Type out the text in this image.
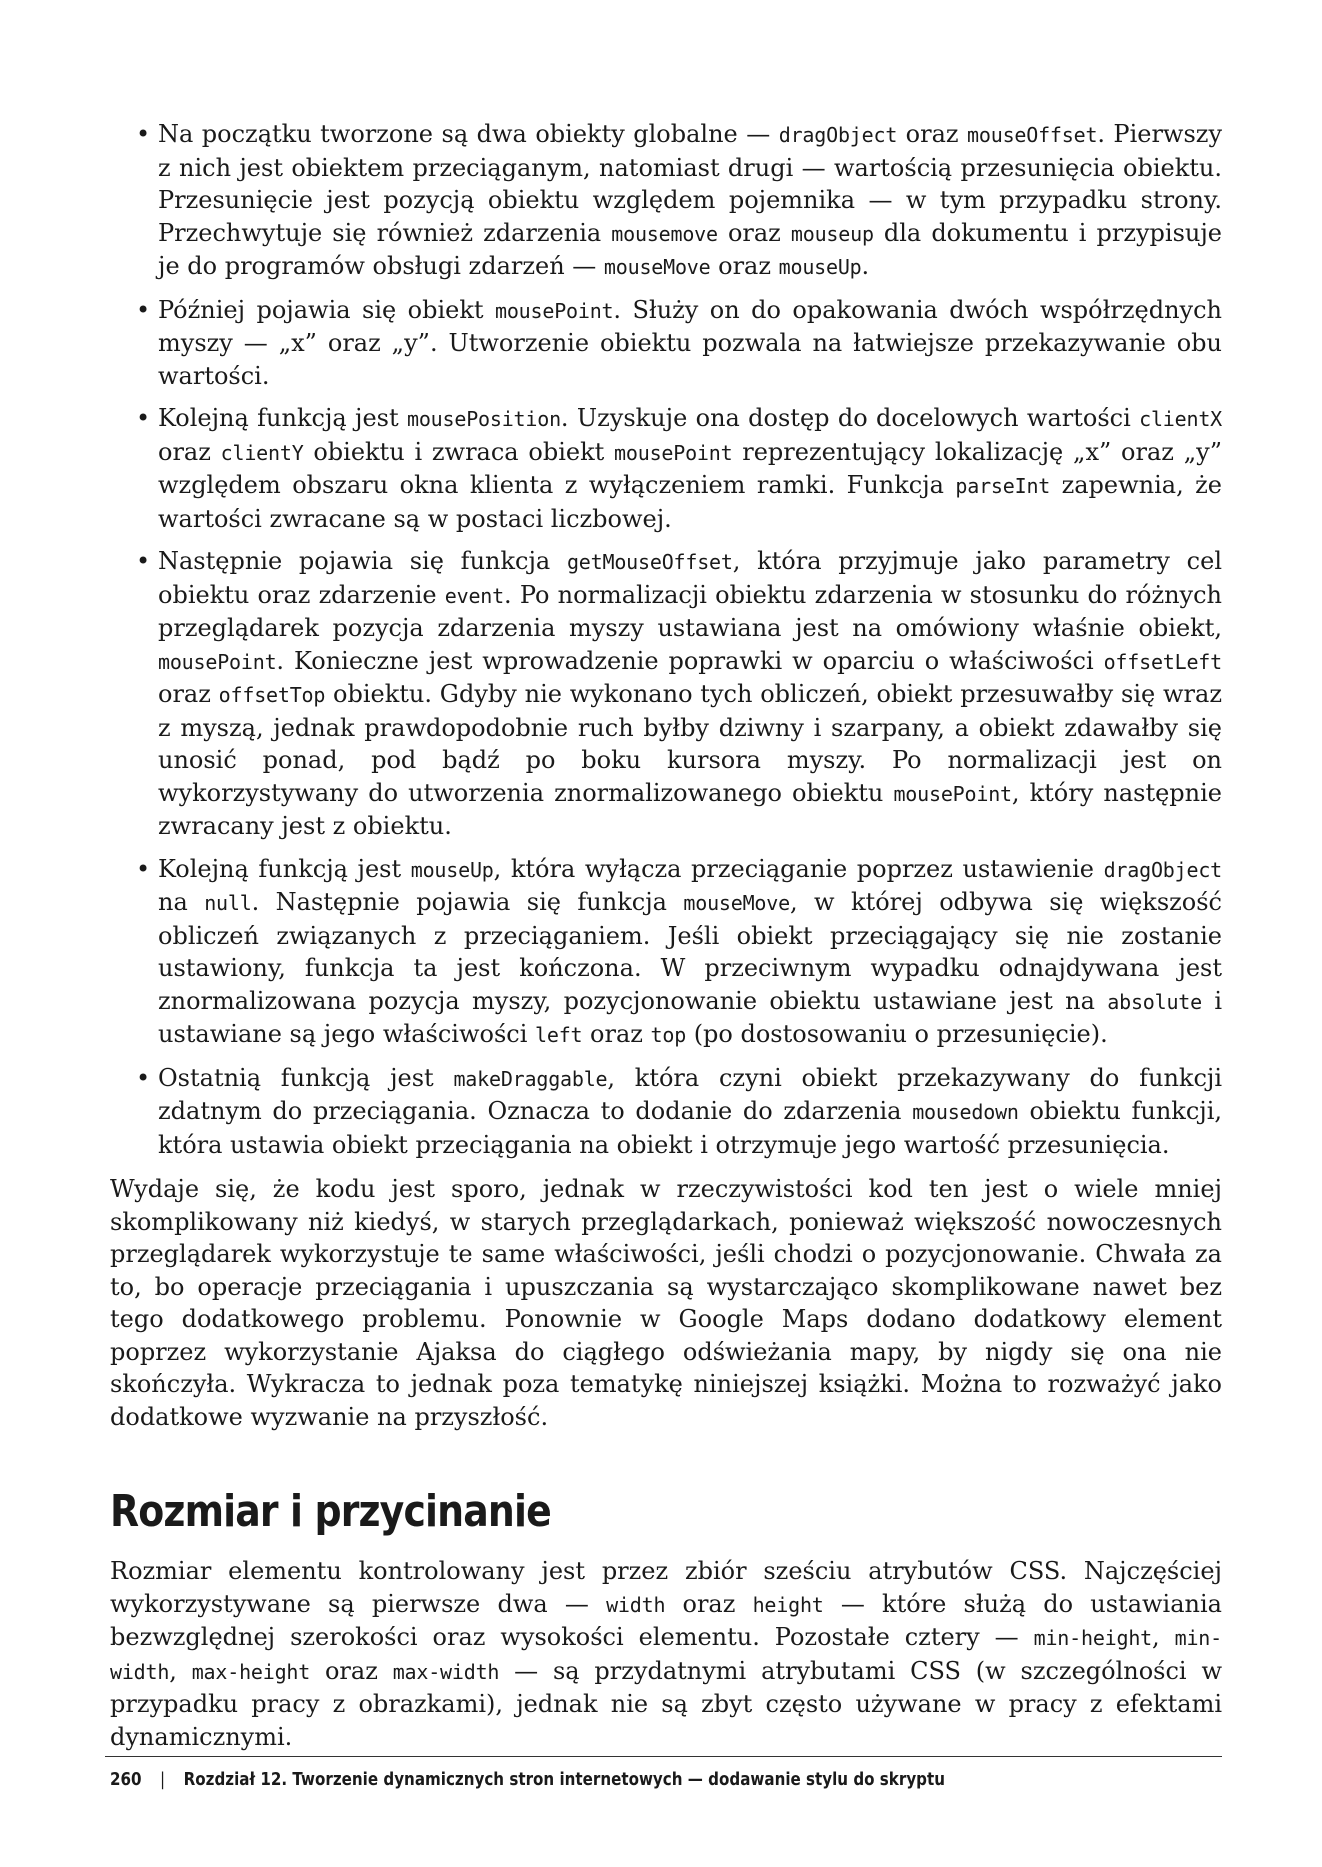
• Na początku tworzone są dwa obiekty globalne — dragObject oraz mouseOffset. Pierwszy z nich jest obiektem przeciąganym, natomiast drugi — wartością przesunięcia obiektu. Przesunięcie jest pozycją obiektu względem pojemnika — w tym przypadku strony. Przechwytuje się również zdarzenia mousemove oraz mouseup dla dokumentu i przypisuje je do programów obsługi zdarzeń — mouseMove oraz mouseUp.
• Później pojawia się obiekt mousePoint. Służy on do opakowania dwóch współrzędnych myszy — „x” oraz „y”. Utworzenie obiektu pozwala na łatwiejsze przekazywanie obu wartości.
• Kolejną funkcją jest mousePosition. Uzyskuje ona dostęp do docelowych wartości clientX oraz clientY obiektu i zwraca obiekt mousePoint reprezentujący lokalizację „x” oraz „y” względem obszaru okna klienta z wyłączeniem ramki. Funkcja parseInt zapewnia, że wartości zwracane są w postaci liczbowej.
• Następnie pojawia się funkcja getMouseOffset, która przyjmuje jako parametry cel obiektu oraz zdarzenie event. Po normalizacji obiektu zdarzenia w stosunku do różnych przeglądarek pozycja zdarzenia myszy ustawiana jest na omówiony właśnie obiekt, mousePoint. Konieczne jest wprowadzenie poprawki w oparciu o właściwości offsetLeft oraz offsetTop obiektu. Gdyby nie wykonano tych obliczeń, obiekt przesuwałby się wraz z myszą, jednak prawdopodobnie ruch byłby dziwny i szarpany, a obiekt zdawałby się unosić ponad, pod bądź po boku kursora myszy. Po normalizacji jest on wykorzystywany do utworzenia znormalizowanego obiektu mousePoint, który następnie zwracany jest z obiektu.
• Kolejną funkcją jest mouseUp, która wyłącza przeciąganie poprzez ustawienie dragObject na null. Następnie pojawia się funkcja mouseMove, w której odbywa się większość obliczeń związanych z przeciąganiem. Jeśli obiekt przeciągający się nie zostanie ustawiony, funkcja ta jest kończona. W przeciwnym wypadku odnajdywana jest znormalizowana pozycja myszy, pozycjonowanie obiektu ustawiane jest na absolute i ustawiane są jego właściwości left oraz top (po dostosowaniu o przesunięcie).
• Ostatnią funkcją jest makeDraggable, która czyni obiekt przekazywany do funkcji zdatnym do przeciągania. Oznacza to dodanie do zdarzenia mousedown obiektu funkcji, która ustawia obiekt przeciągania na obiekt i otrzymuje jego wartość przesunięcia.

Wydaje się, że kodu jest sporo, jednak w rzeczywistości kod ten jest o wiele mniej skomplikowany niż kiedyś, w starych przeglądarkach, ponieważ większość nowoczesnych przeglądarek wykorzystuje te same właściwości, jeśli chodzi o pozycjonowanie. Chwała za to, bo operacje przeciągania i upuszczania są wystarczająco skomplikowane nawet bez tego dodatkowego problemu. Ponownie w Google Maps dodano dodatkowy element poprzez wykorzystanie Ajaksa do ciągłego odświeżania mapy, by nigdy się ona nie skończyła. Wykracza to jednak poza tematykę niniejszej książki. Można to rozważyć jako dodatkowe wyzwanie na przyszłość.

Rozmiar i przycinanie

Rozmiar elementu kontrolowany jest przez zbiór sześciu atrybutów CSS. Najczęściej wykorzystywane są pierwsze dwa — width oraz height — które służą do ustawiania bezwzględnej szerokości oraz wysokości elementu. Pozostałe cztery — min-height, min-width, max-height oraz max-width — są przydatnymi atrybutami CSS (w szczególności w przypadku pracy z obrazkami), jednak nie są zbyt często używane w pracy z efektami dynamicznymi.

260 | Rozdział 12. Tworzenie dynamicznych stron internetowych — dodawanie stylu do skryptu
